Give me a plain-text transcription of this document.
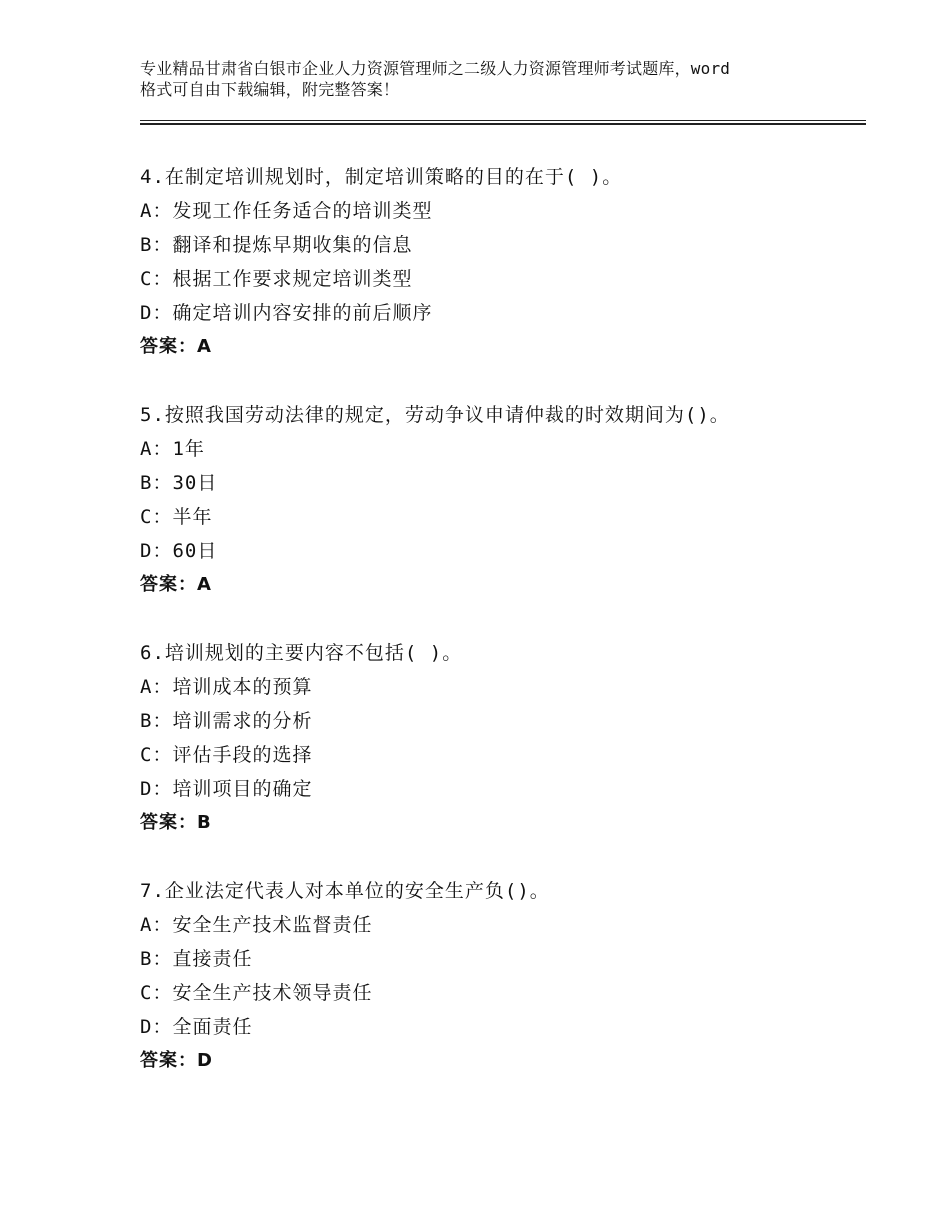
专业精品甘肃省白银市企业人力资源管理师之二级人力资源管理师考试题库，word
格式可自由下载编辑，附完整答案！
4.在制定培训规划时，制定培训策略的目的在于( )。
A：发现工作任务适合的培训类型
B：翻译和提炼早期收集的信息
C：根据工作要求规定培训类型
D：确定培训内容安排的前后顺序
答案：A
5.按照我国劳动法律的规定，劳动争议申请仲裁的时效期间为()。
A：1年
B：30日
C：半年
D：60日
答案：A
6.培训规划的主要内容不包括( )。
A：培训成本的预算
B：培训需求的分析
C：评估手段的选择
D：培训项目的确定
答案：B
7.企业法定代表人对本单位的安全生产负()。
A：安全生产技术监督责任
B：直接责任
C：安全生产技术领导责任
D：全面责任
答案：D
